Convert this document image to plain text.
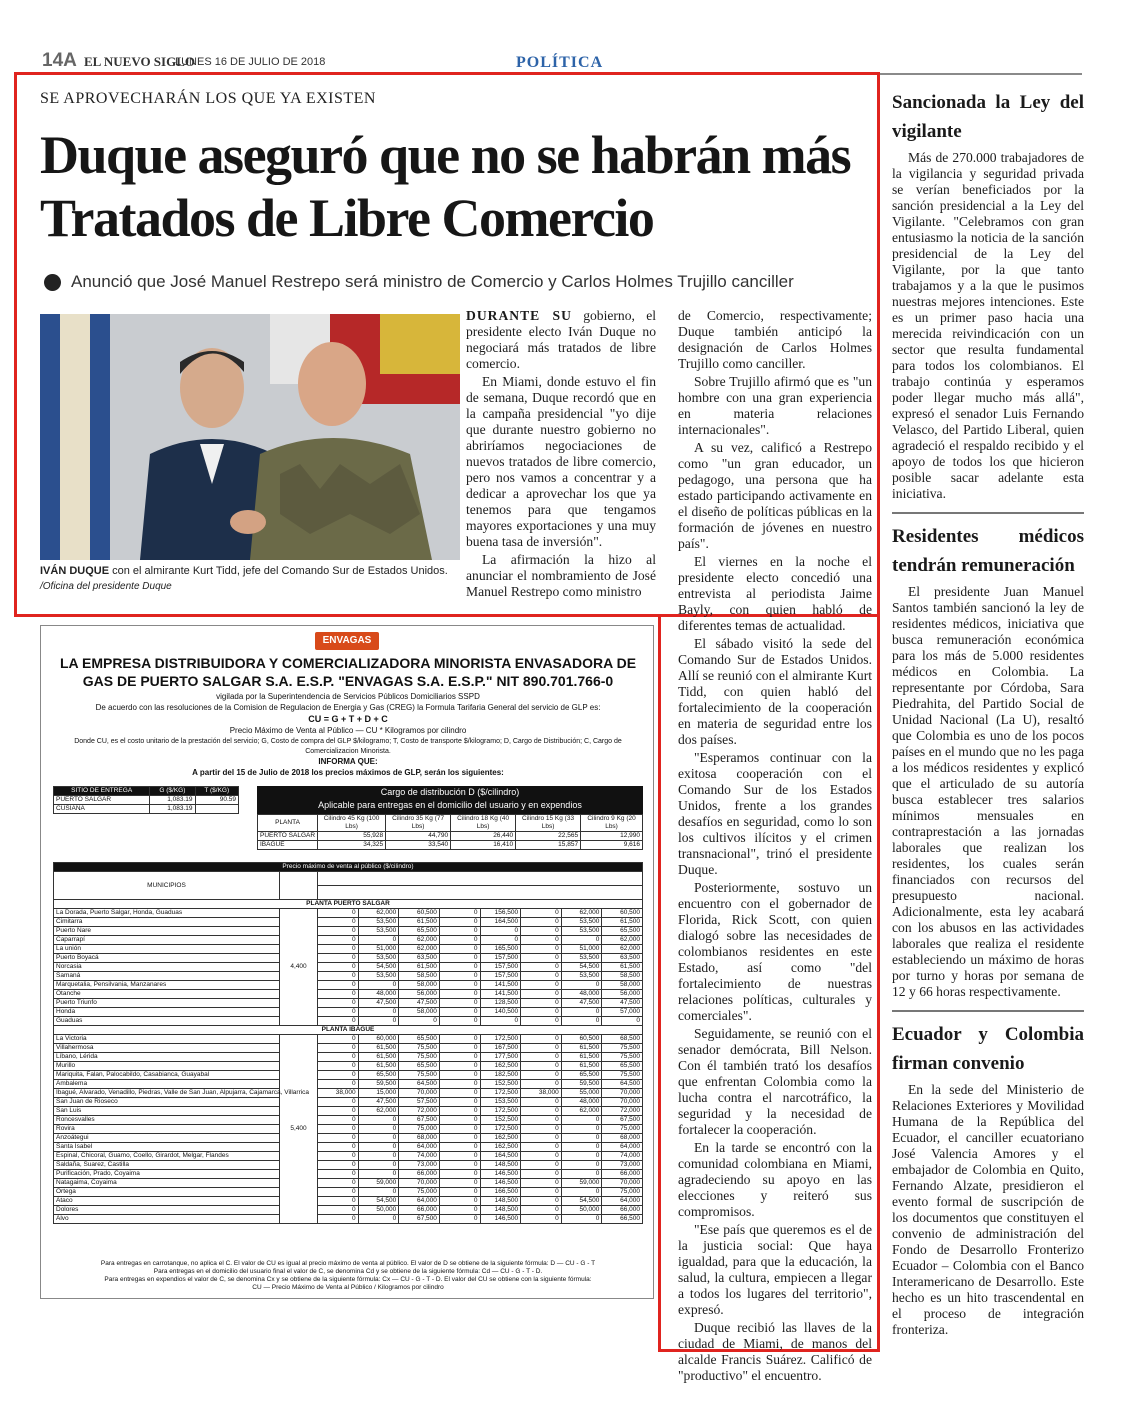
14A EL NUEVO SIGLO
LUNES 16 DE JULIO DE 2018	POLÍTICA
SE APROVECHARÁN LOS QUE YA EXISTEN
Duque aseguró que no se habrán más Tratados de Libre Comercio
Anunció que José Manuel Restrepo será ministro de Comercio y Carlos Holmes Trujillo canciller
IVÁN DUQUE con el almirante Kurt Tidd, jefe del Comando Sur de Estados Unidos. /Oficina del presidente Duque

DURANTE SU gobierno, el presidente electo Iván Duque no negociará más tratados de libre comercio.

En Miami, donde estuvo el fin de semana, Duque recordó que en la campaña presidencial "yo dije que durante nuestro gobierno no abriríamos negociaciones de nuevos tratados de libre comercio, pero nos vamos a concentrar y a dedicar a aprovechar los que ya tenemos para que tengamos mayores exportaciones y una muy buena tasa de inversión".

La afirmación la hizo al anunciar el nombramiento de José Manuel Restrepo como ministro

de Comercio, respectivamente; Duque también anticipó la designación de Carlos Holmes Trujillo como canciller.

Sobre Trujillo afirmó que es "un hombre con una gran experiencia en materia relaciones internacionales".

A su vez, calificó a Restrepo como "un gran educador, un pedagogo, una persona que ha estado participando activamente en el diseño de políticas públicas en la formación de jóvenes en nuestro país".

El viernes en la noche el presidente electo concedió una entrevista al periodista Jaime Bayly, con quien habló de diferentes temas de actualidad.

El sábado visitó la sede del Comando Sur de Estados Unidos. Allí se reunió con el almirante Kurt Tidd, con quien habló del fortalecimiento de la cooperación en materia de seguridad entre los dos países.

"Esperamos continuar con la exitosa cooperación con el Comando Sur de los Estados Unidos, frente a los grandes desafíos en seguridad, como lo son los cultivos ilícitos y el crimen transnacional", trinó el presidente Duque.

Posteriormente, sostuvo un encuentro con el gobernador de Florida, Rick Scott, con quien dialogó sobre las necesidades de colombianos residentes en este Estado, así como "del fortalecimiento de nuestras relaciones políticas, culturales y comerciales".

Seguidamente, se reunió con el senador demócrata, Bill Nelson. Con él también trató los desafíos que enfrentan Colombia como la lucha contra el narcotráfico, la seguridad y la necesidad de fortalecer la cooperación.

En la tarde se encontró con la comunidad colombiana en Miami, agradeciendo su apoyo en las elecciones y reiteró sus compromisos.

"Ese país que queremos es el de la justicia social: Que haya igualdad, para que la educación, la salud, la cultura, empiecen a llegar a todos los lugares del territorio", expresó.

Duque recibió las llaves de la ciudad de Miami, de manos del alcalde Francis Suárez. Calificó de "productivo" el encuentro.

Sancionada la Ley del vigilante

Más de 270.000 trabajadores de la vigilancia y seguridad privada se verían beneficiados por la sanción presidencial a la Ley del Vigilante. "Celebramos con gran entusiasmo la noticia de la sanción presidencial de la Ley del Vigilante, por la que tanto trabajamos y a la que le pusimos nuestras mejores intenciones. Este es un primer paso hacia una merecida reivindicación con un sector que resulta fundamental para todos los colombianos. El trabajo continúa y esperamos poder llegar mucho más allá", expresó el senador Luis Fernando Velasco, del Partido Liberal, quien agradeció el respaldo recibido y el apoyo de todos los que hicieron posible sacar adelante esta iniciativa.

Residentes médicos tendrán remuneración

El presidente Juan Manuel Santos también sancionó la ley de residentes médicos, iniciativa que busca remuneración económica para los más de 5.000 residentes médicos en Colombia. La representante por Córdoba, Sara Piedrahita, del Partido Social de Unidad Nacional (La U), resaltó que Colombia es uno de los pocos países en el mundo que no les paga a los médicos residentes y explicó que el articulado de su autoría busca establecer tres salarios mínimos mensuales en contraprestación a las jornadas laborales que realizan los residentes, los cuales serán financiados con recursos del presupuesto nacional. Adicionalmente, esta ley acabará con los abusos en las actividades laborales que realiza el residente estableciendo un máximo de horas por turno y horas por semana de 12 y 66 horas respectivamente.

Ecuador y Colombia firman convenio

En la sede del Ministerio de Relaciones Exteriores y Movilidad Humana de la República del Ecuador, el canciller ecuatoriano José Valencia Amores y el embajador de Colombia en Quito, Fernando Alzate, presidieron el evento formal de suscripción de los documentos que constituyen el convenio de administración del Fondo de Desarrollo Fronterizo Ecuador – Colombia con el Banco Interamericano de Desarrollo. Este hecho es un hito trascendental en el proceso de integración fronteriza.

ENVAGAS
LA EMPRESA DISTRIBUIDORA Y COMERCIALIZADORA MINORISTA ENVASADORA DE
GAS DE PUERTO SALGAR S.A. E.S.P. "ENVAGAS S.A. E.S.P." NIT 890.701.766-0
vigilada por la Superintendencia de Servicios Públicos Domiciliarios SSPD
De acuerdo con las resoluciones de la Comision de Regulacion de Energia y Gas (CREG) la Formula Tarifaria General del servicio de GLP es:
CU = G + T + D + C
Precio Máximo de Venta al Público — CU * Kilogramos por cilindro
Donde CU, es el costo unitario de la prestación del servicio; G, Costo de compra del GLP $/kilogramo; T, Costo de transporte $/kilogramo; D, Cargo de Distribución; C, Cargo de Comercializacion Minorista.
INFORMA QUE:
A partir del 15 de Julio de 2018 los precios máximos de GLP, serán los siguientes:
SITIO DE ENTREGA	G ($/KG)	T ($/KG)
PUERTO SALGAR	1,083.19	90.59
CUSIANA	1,083.19	
Cargo de distribución D ($/cilindro)
Aplicable para entregas en el domicilio del usuario y en expendios
PLANTA	Cilindro 45 Kg (100 Lbs)	Cilindro 35 Kg (77 Lbs)	Cilindro 18 Kg (40 Lbs)	Cilindro 15 Kg (33 Lbs)	Cilindro 9 Kg (20 Lbs)
PUERTO SALGAR	55,928	44,790	26,440	22,565	12,990
IBAGUE	34,325	33,540	16,410	15,857	9,616
Precio máximo de venta al público ($/cilindro)									
MUNICIPIOS									

PLANTA PUERTO SALGAR									
La Dorada, Puerto Salgar, Honda, Guaduas	4,400	0	62,000	60,500	0	156,500	0	62,000	60,500
Cimitarra		0	53,500	61,500	0	164,500	0	53,500	61,500
Puerto Nare		0	53,500	65,500	0	0	0	53,500	65,500
Caparrapí		0	0	62,000	0	0	0	0	62,000
La unión		0	51,000	62,000	0	165,500	0	51,000	62,000
Puerto Boyacá		0	53,500	63,500	0	157,500	0	53,500	63,500
Norcasia		0	54,500	61,500	0	157,500	0	54,500	61,500
Samaná		0	53,500	58,500	0	157,500	0	53,500	58,500
Marquetalia, Pensilvania, Manzanares		0	0	58,000	0	141,500	0	0	58,000
Otanche		0	48,000	56,000	0	141,500	0	48,000	56,000
Puerto Triunfo		0	47,500	47,500	0	128,500	0	47,500	47,500
Honda		0	0	58,000	0	140,500	0	0	57,000
Guaduas		0	0	0	0	0	0	0	0
PLANTA IBAGUE									
La Victoria	5,400	0	60,000	65,500	0	172,500	0	60,500	68,500
Villahermosa		0	61,500	75,500	0	167,500	0	61,500	75,500
Líbano, Lérida		0	61,500	75,500	0	177,500	0	61,500	75,500
Murillo		0	61,500	65,500	0	162,500	0	61,500	65,500
Mariquita, Falan, Palocabildo, Casabianca, Guayabal		0	65,500	75,500	0	182,500	0	65,500	75,500
Ambalema		0	59,500	64,500	0	152,500	0	59,500	64,500
Ibagué, Alvarado, Venadillo, Piedras, Valle de San Juan, Alpujarra, Cajamarca, Villarrica		38,000	15,000	70,000	0	172,500	38,000	55,000	70,000
San Juan de Rioseco		0	47,500	57,500	0	153,500	0	48,000	70,000
San Luis		0	62,000	72,000	0	172,500	0	62,000	72,000
Roncesvalles		0	0	67,500	0	152,500	0	0	67,500
Rovira		0	0	75,000	0	172,500	0	0	75,000
Anzoátegui		0	0	68,000	0	162,500	0	0	68,000
Santa Isabel		0	0	64,000	0	162,500	0	0	64,000
Espinal, Chicoral, Guamo, Coello, Girardot, Melgar, Flandes		0	0	74,000	0	164,500	0	0	74,000
Saldaña, Suarez, Castilla		0	0	73,000	0	148,500	0	0	73,000
Purificación, Prado, Coyaima		0	0	66,000	0	146,500	0	0	66,000
Natagaima, Coyaima		0	59,000	70,000	0	146,500	0	59,000	70,000
Ortega		0	0	75,000	0	166,500	0	0	75,000
Ataco		0	54,500	64,000	0	148,500	0	54,500	64,000
Dolores		0	50,000	66,000	0	148,500	0	50,000	66,000
Alvo		0	0	67,500	0	146,500	0	0	66,500
Para entregas en carrotanque, no aplica el C. El valor de CU es igual al precio máximo de venta al público. El valor de D se obtiene de la siguiente fórmula: D — CU - G - T
Para entregas en el domicilio del usuario final el valor de C, se denomina Cd y se obtiene de la siguiente fórmula: Cd — CU - G - T - D.
Para entregas en expendios el valor de C, se denomina Cx y se obtiene de la siguiente fórmula: Cx — CU - G - T - D. El valor del CU se obtiene con la siguiente fórmula:
CU — Precio Máximo de Venta al Público / Kilogramos por cilindro
